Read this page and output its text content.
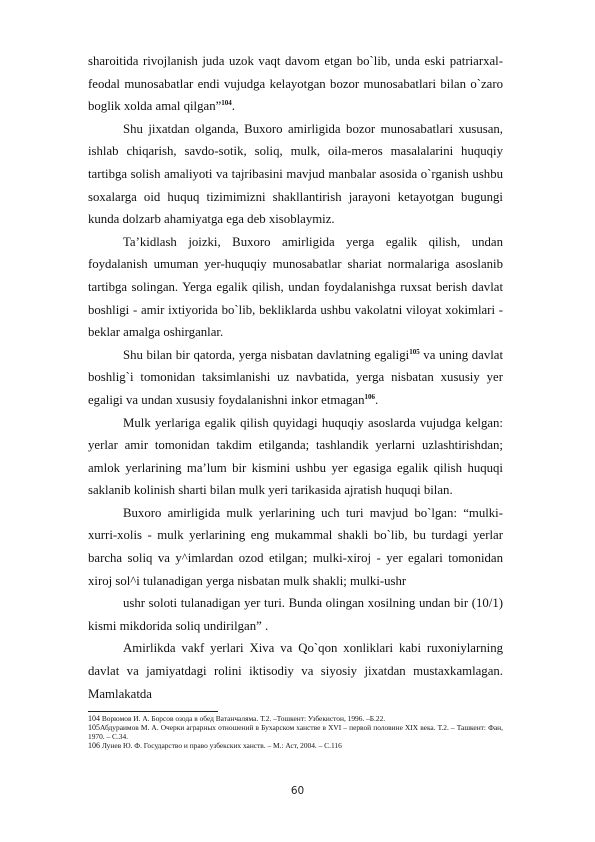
sharoitida rivojlanish juda uzok vaqt davom etgan bo`lib, unda eski patriarxal-feodal munosabatlar endi vujudga kelayotgan bozor munosabatlari bilan o`zaro boglik xolda amal qilgan”$^{104}$.

Shu jixatdan olganda, Buxoro amirligida bozor munosabatlari xususan, ishlab chiqarish, savdo-sotik, soliq, mulk, oila-meros masalalarini huquqiy tartibga solish amaliyoti va tajribasini mavjud manbalar asosida o`rganish ushbu soxalarga oid huquq tizimimizni shakllantirish jarayoni ketayotgan bugungi kunda dolzarb ahamiyatga ega deb xisoblaymiz.

Ta’kidlash joizki, Buxoro amirligida yerga egalik qilish, undan foydalanish umuman yer-huquqiy munosabatlar shariat normalariga asoslanib tartibga solingan. Yerga egalik qilish, undan foydalanishga ruxsat berish davlat boshligi - amir ixtiyorida bo`lib, bekliklarda ushbu vakolatni viloyat xokimlari - beklar amalga oshirganlar.

Shu bilan bir qatorda, yerga nisbatan davlatning egaligi$^{105}$ va uning davlat boshlig`i tomonidan taksimlanishi uz navbatida, yerga nisbatan xususiy yer egaligi va undan xususiy foydalanishni inkor etmagan$^{106}$.

Mulk yerlariga egalik qilish quyidagi huquqiy asoslarda vujudga kelgan: yerlar amir tomonidan takdim etilganda; tashlandik yerlarni uzlashtirishdan; amlok yerlarining ma’lum bir kismini ushbu yer egasiga egalik qilish huquqi saklanib kolinish sharti bilan mulk yeri tarikasida ajratish huquqi bilan.

Buxoro amirligida mulk yerlarining uch turi mavjud bo`lgan: “mulki- xurri-xolis - mulk yerlarining eng mukammal shakli bo`lib, bu turdagi yerlar barcha soliq va y^imlardan ozod etilgan; mulki-xiroj - yer egalari tomonidan xiroj sol^i tulanadigan yerga nisbatan mulk shakli; mulki-ushr

ushr soloti tulanadigan yer turi. Bunda olingan xosilning undan bir (10/1) kismi mikdorida soliq undirilgan” .

Amirlikda vakf yerlari Xiva va Qo`qon xonliklari kabi ruxoniylarning davlat va jamiyatdagi rolini iktisodiy va siyosiy jixatdan mustaxkamlagan. Mamlakatda

104 Ворюмов И. А. Борсов озода в обед Ватанчаляма. Т.2. –Тошкент: Узбекистон, 1996. –Б.22.

105Абдураимов М. А. Очерки аграрных отношений в Бухарском ханстве в XVI – первой половине XIX века. Т.2. – Ташкент: Фан, 1970. – С.34.

106 Лунев Ю. Ф. Государство и право узбекских ханств. – М.: Аст, 2004. – С.116

60
